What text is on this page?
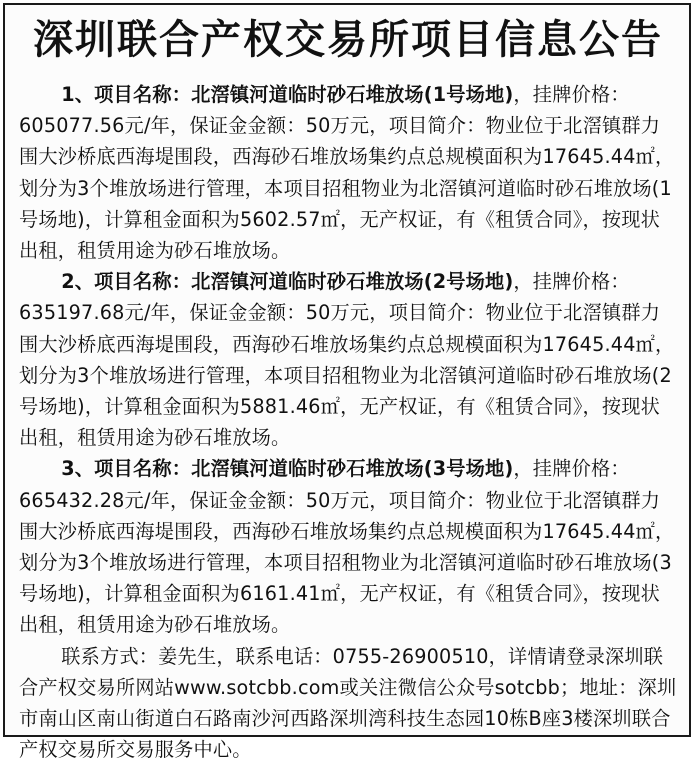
深圳联合产权交易所项目信息公告

1、项目名称：北滘镇河道临时砂石堆放场(1号场地)，挂牌价格：605077.56元/年，保证金金额：50万元，项目简介：物业位于北滘镇群力围大沙桥底西海堤围段，西海砂石堆放场集约点总规模面积为17645.44㎡，划分为3个堆放场进行管理，本项目招租物业为北滘镇河道临时砂石堆放场(1号场地)，计算租金面积为5602.57㎡，无产权证，有《租赁合同》，按现状出租，租赁用途为砂石堆放场。

2、项目名称：北滘镇河道临时砂石堆放场(2号场地)，挂牌价格：635197.68元/年，保证金金额：50万元，项目简介：物业位于北滘镇群力围大沙桥底西海堤围段，西海砂石堆放场集约点总规模面积为17645.44㎡，划分为3个堆放场进行管理，本项目招租物业为北滘镇河道临时砂石堆放场(2号场地)，计算租金面积为5881.46㎡，无产权证，有《租赁合同》，按现状出租，租赁用途为砂石堆放场。

3、项目名称：北滘镇河道临时砂石堆放场(3号场地)，挂牌价格：665432.28元/年，保证金金额：50万元，项目简介：物业位于北滘镇群力围大沙桥底西海堤围段，西海砂石堆放场集约点总规模面积为17645.44㎡，划分为3个堆放场进行管理，本项目招租物业为北滘镇河道临时砂石堆放场(3号场地)，计算租金面积为6161.41㎡，无产权证，有《租赁合同》，按现状出租，租赁用途为砂石堆放场。

联系方式：姜先生，联系电话：0755-26900510，详情请登录深圳联合产权交易所网站www.sotcbb.com或关注微信公众号sotcbb；地址：深圳市南山区南山街道白石路南沙河西路深圳湾科技生态园10栋B座3楼深圳联合产权交易所交易服务中心。
